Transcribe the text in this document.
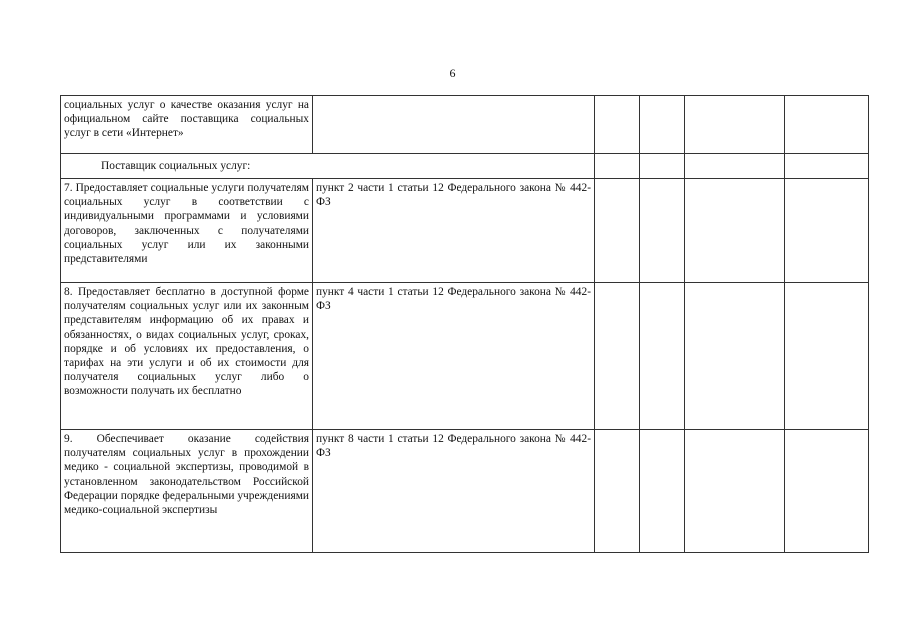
6
социальных услуг о качестве оказания услуг на официальном сайте поставщика социальных услуг в сети «Интернет»					
Поставщик социальных услуг:					
7. Предоставляет социальные услуги получателям социальных услуг в соответствии с индивидуальными программами и условиями договоров, заключенных с получателями социальных услуг или их законными представителями	пункт 2 части 1 статьи 12 Федерального закона № 442-ФЗ				
8. Предоставляет бесплатно в доступной форме получателям социальных услуг или их законным представителям информацию об их правах и обязанностях, о видах социальных услуг, сроках, порядке и об условиях их предоставления, о тарифах на эти услуги и об их стоимости для получателя социальных услуг либо о возможности получать их бесплатно	пункт 4 части 1 статьи 12 Федерального закона № 442-ФЗ				
9. Обеспечивает оказание содействия получателям социальных услуг в прохождении медико - социальной экспертизы, проводимой в установленном законодательством Российской Федерации порядке федеральными учреждениями медико-социальной экспертизы	пункт 8 части 1 статьи 12 Федерального закона № 442-ФЗ				
